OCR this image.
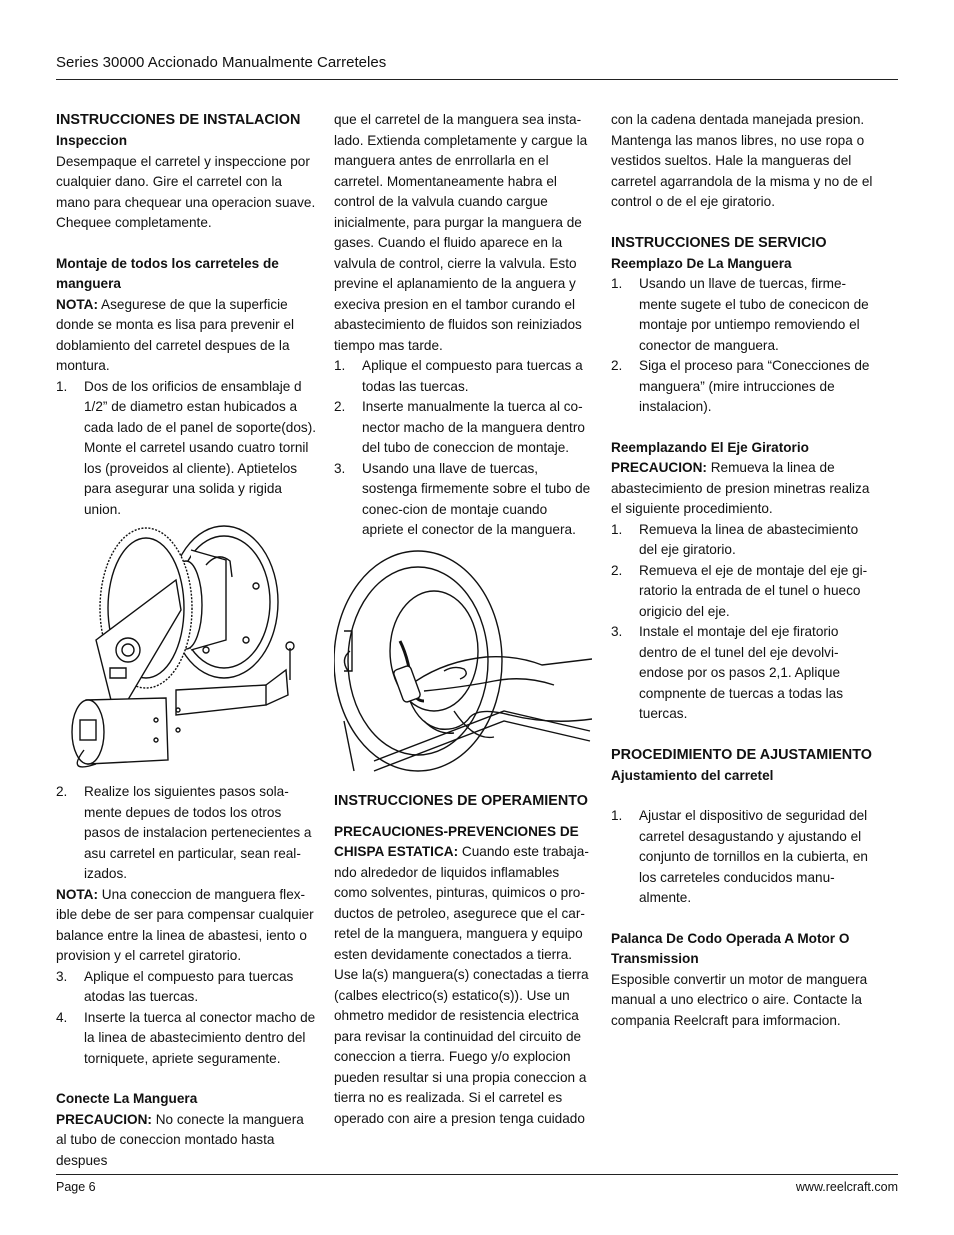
Series 30000 Accionado Manualmente Carreteles

INSTRUCCIONES DE INSTALACION

Inspeccion

Desempaque el carretel y inspeccione por cualquier dano. Gire el carretel con la mano para chequear una operacion suave. Chequee completamente.

Montaje de todos los carreteles de manguera

NOTA: Asegurese de que la superficie donde se monta es lisa para prevenir el doblamiento del carretel despues de la montura.

1. Dos de los orificios de ensamblaje d 1/2” de diametro estan hubicados a cada lado de el panel de soporte(dos). Monte el carretel usando cuatro tornil los (proveidos al cliente). Aptietelos para asegurar una solida y rigida union.
2. Realize los siguientes pasos sola-mente depues de todos los otros pasos de instalacion pertenecientes a asu carretel en particular, sean real-izados.

NOTA: Una coneccion de manguera flex-ible debe de ser para compensar cualquier balance entre la linea de abastesi, iento o provision y el carretel giratorio.

3. Aplique el compuesto para tuercas atodas las tuercas.
4. Inserte la tuerca al conector macho de la linea de abastecimiento dentro del torniquete, apriete seguramente.

Conecte La Manguera

PRECAUCION: No conecte la manguera al tubo de coneccion montado hasta despues

que el carretel de la manguera sea insta-lado. Extienda completamente y cargue la manguera antes de enrrollarla en el carretel. Momentaneamente habra el control de la valvula cuando cargue inicialmente, para purgar la manguera de gases. Cuando el fluido aparece en la valvula de control, cierre la valvula. Esto previne el aplanamiento de la anguera y execiva presion en el tambor curando el abastecimiento de fluidos son reiniziados tiempo mas tarde.

1. Aplique el compuesto para tuercas a todas las tuercas.
2. Inserte manualmente la tuerca al co-nector macho de la manguera dentro del tubo de coneccion de montaje.
3. Usando una llave de tuercas, sostenga firmemente sobre el tubo de conec-cion de montaje cuando apriete el conector de la manguera.

INSTRUCCIONES DE OPERAMIENTO

PRECAUCIONES-PREVENCIONES DE CHISPA ESTATICA: Cuando este trabaja-ndo alrededor de liquidos inflamables como solventes, pinturas, quimicos o pro-ductos de petroleo, asegurece que el car-retel de la manguera, manguera y equipo esten devidamente conectados a tierra. Use la(s) manguera(s) conectadas a tierra (calbes electrico(s) estatico(s)). Use un ohmetro medidor de resistencia electrica para revisar la continuidad del circuito de coneccion a tierra. Fuego y/o explocion pueden resultar si una propia coneccion a tierra no es realizada. Si el carretel es operado con aire a presion tenga cuidado

con la cadena dentada manejada presion. Mantenga las manos libres, no use ropa o vestidos sueltos. Hale la mangueras del carretel agarrandola de la misma y no de el control o de el eje giratorio.

INSTRUCCIONES DE SERVICIO

Reemplazo De La Manguera

1. Usando un llave de tuercas, firme-mente sugete el tubo de conecicon de montaje por untiempo removiendo el conector de manguera.
2. Siga el proceso para “Conecciones de manguera” (mire intrucciones de instalacion).

Reemplazando El Eje Giratorio

PRECAUCION: Remueva la linea de abastecimiento de presion minetras realiza el siguiente procedimiento.

1. Remueva la linea de abastecimiento del eje giratorio.
2. Remueva el eje de montaje del eje gi-ratorio la entrada de el tunel o hueco origicio del eje.
3. Instale el montaje del eje firatorio dentro de el tunel del eje devolvi-endose por os pasos 2,1. Aplique compnente de tuercas a todas las tuercas.

PROCEDIMIENTO DE AJUSTAMIENTO

Ajustamiento del carretel

1. Ajustar el dispositivo de seguridad del carretel desagustando y ajustando el conjunto de tornillos en la cubierta, en los carreteles conducidos manu-almente.

Palanca De Codo Operada A Motor O Transmission

Esposible convertir un motor de manguera manual a uno electrico o aire. Contacte la compania Reelcraft para imformacion.

Page 6	www.reelcraft.com
